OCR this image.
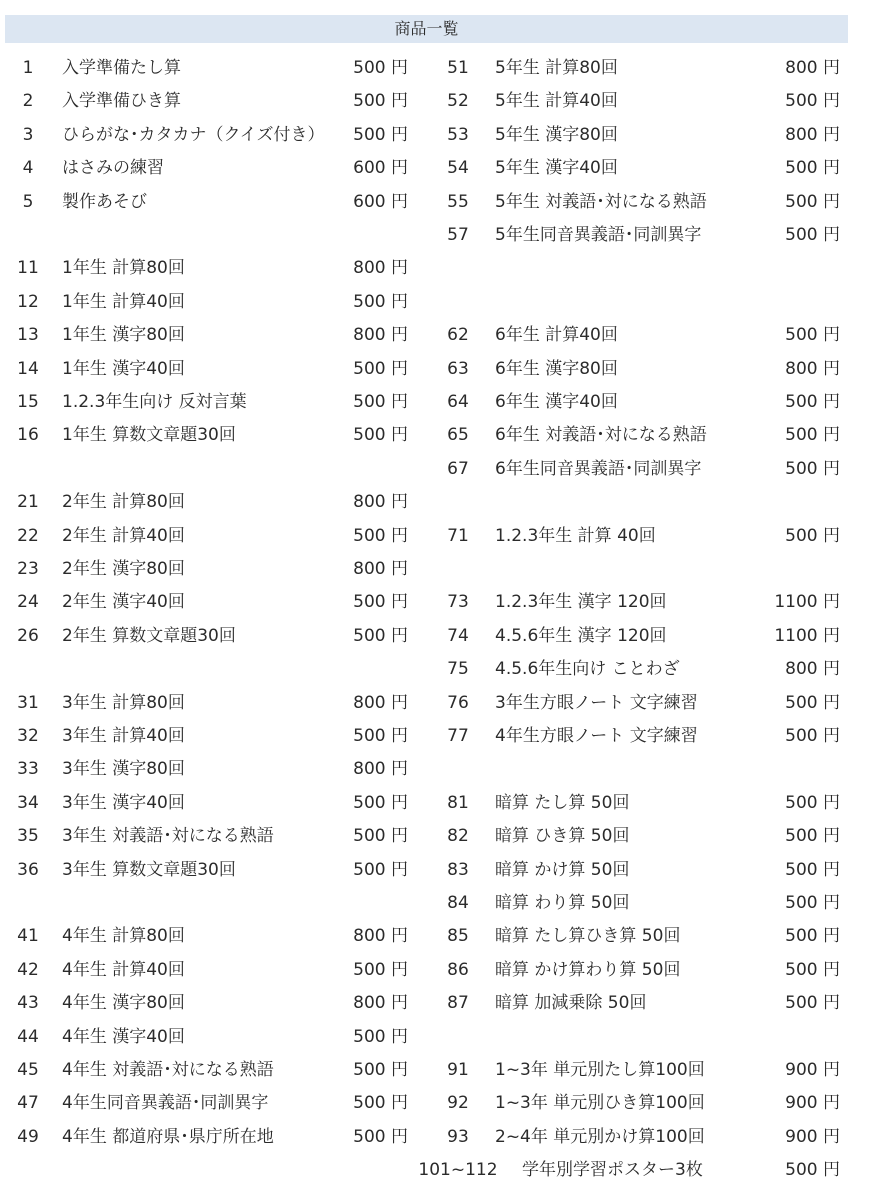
商品一覧
1	入学準備たし算	500 円	51	5年生 計算80回	800 円
2	入学準備ひき算	500 円	52	5年生 計算40回	500 円
3	ひらがな･カタカナ（クイズ付き）	500 円	53	5年生 漢字80回	800 円
4	はさみの練習	600 円	54	5年生 漢字40回	500 円
5	製作あそび	600 円	55	5年生 対義語･対になる熟語	500 円
57	5年生同音異義語･同訓異字	500 円
11	1年生 計算80回	800 円
12	1年生 計算40回	500 円
13	1年生 漢字80回	800 円	62	6年生 計算40回	500 円
14	1年生 漢字40回	500 円	63	6年生 漢字80回	800 円
15	1.2.3年生向け 反対言葉	500 円	64	6年生 漢字40回	500 円
16	1年生 算数文章題30回	500 円	65	6年生 対義語･対になる熟語	500 円
67	6年生同音異義語･同訓異字	500 円
21	2年生 計算80回	800 円
22	2年生 計算40回	500 円	71	1.2.3年生 計算 40回	500 円
23	2年生 漢字80回	800 円
24	2年生 漢字40回	500 円	73	1.2.3年生 漢字 120回	1100 円
26	2年生 算数文章題30回	500 円	74	4.5.6年生 漢字 120回	1100 円
75	4.5.6年生向け ことわざ	800 円
31	3年生 計算80回	800 円	76	3年生方眼ノート 文字練習	500 円
32	3年生 計算40回	500 円	77	4年生方眼ノート 文字練習	500 円
33	3年生 漢字80回	800 円
34	3年生 漢字40回	500 円	81	暗算 たし算 50回	500 円
35	3年生 対義語･対になる熟語	500 円	82	暗算 ひき算 50回	500 円
36	3年生 算数文章題30回	500 円	83	暗算 かけ算 50回	500 円
84	暗算 わり算 50回	500 円
41	4年生 計算80回	800 円	85	暗算 たし算ひき算 50回	500 円
42	4年生 計算40回	500 円	86	暗算 かけ算わり算 50回	500 円
43	4年生 漢字80回	800 円	87	暗算 加減乗除 50回	500 円
44	4年生 漢字40回	500 円
45	4年生 対義語･対になる熟語	500 円	91	1~3年 単元別たし算100回	900 円
47	4年生同音異義語･同訓異字	500 円	92	1~3年 単元別ひき算100回	900 円
49	4年生 都道府県･県庁所在地	500 円	93	2~4年 単元別かけ算100回	900 円
101~112 学年別学習ポスター3枚	500 円
